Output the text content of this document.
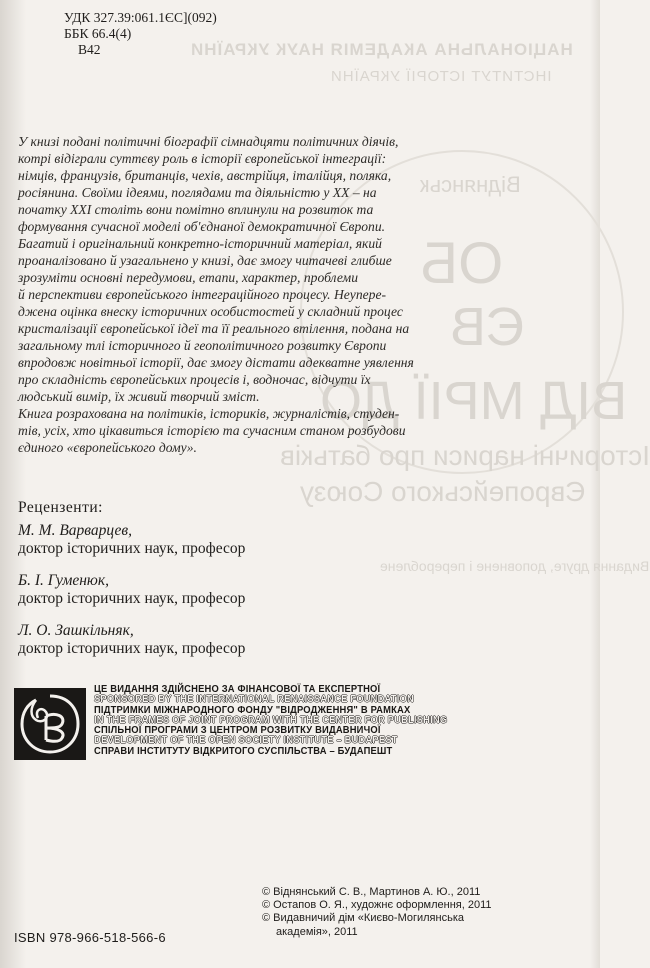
НАЦІОНАЛЬНА АКАДЕМІЯ НАУК УКРАЇНИ
ІНСТИТУТ ІСТОРІЇ УКРАЇНИ
Віднянськ
ОБ
ЄВ
ВІД МРІЇ ДО
Історичні нариси про батьків
Європейського Союзу
Видання друге, доповнене і перероблене
УДК 327.39:061.1ЄС](092)
ББК 66.4(4)
В42

У книзі подані політичні біографії сімнадцяти політичних діячів,

котрі відіграли суттєву роль в історії європейської інтеграції:

німців, французів, британців, чехів, австрійця, італійця, поляка,

росіянина. Своїми ідеями, поглядами та діяльністю у ХХ – на

початку XXI століть вони помітно вплинули на розвиток та

формування сучасної моделі об'єднаної демократичної Європи.

Багатий і оригінальний конкретно-історичний матеріал, який

проаналізовано й узагальнено у книзі, дає змогу читачеві глибше

зрозуміти основні передумови, етапи, характер, проблеми

й перспективи європейського інтеграційного процесу. Неупере-

джена оцінка внеску історичних особистостей у складний процес

кристалізації європейської ідеї та її реального втілення, подана на

загальному тлі історичного й геополітичного розвитку Європи

впродовж новітньої історії, дає змогу дістати адекватне уявлення

про складність європейських процесів і, водночас, відчути їх

людський вимір, їх живий творчий зміст.

Книга розрахована на політиків, істориків, журналістів, студен-

тів, усіх, хто цікавиться історією та сучасним станом розбудови

єдиного «європейського дому».

Рецензенти:

М. М. Варварцев,
доктор історичних наук, професор
Б. І. Гуменюк,
доктор історичних наук, професор
Л. О. Зашкільняк,
доктор історичних наук, професор
ЦЕ ВИДАННЯ ЗДІЙСНЕНО ЗА ФІНАНСОВОЇ ТА ЕКСПЕРТНОЇ
SPONSORED BY THE INTERNATIONAL RENAISSANCE FOUNDATION
ПІДТРИМКИ МІЖНАРОДНОГО ФОНДУ "ВІДРОДЖЕННЯ" В РАМКАХ
IN THE FRAMES OF JOINT PROGRAM WITH THE CENTER FOR PUBLISHING
СПІЛЬНОЇ ПРОГРАМИ З ЦЕНТРОМ РОЗВИТКУ ВИДАВНИЧОЇ
DEVELOPMENT OF THE OPEN SOCIETY INSTITUTE – BUDAPEST
СПРАВИ ІНСТИТУТУ ВІДКРИТОГО СУСПІЛЬСТВА – БУДАПЕШТ
© Віднянський С. В., Мартинов А. Ю., 2011
© Остапов О. Я., художнє оформлення, 2011
© Видавничий дім «Києво-Могилянська
академія», 2011
ISBN 978-966-518-566-6
